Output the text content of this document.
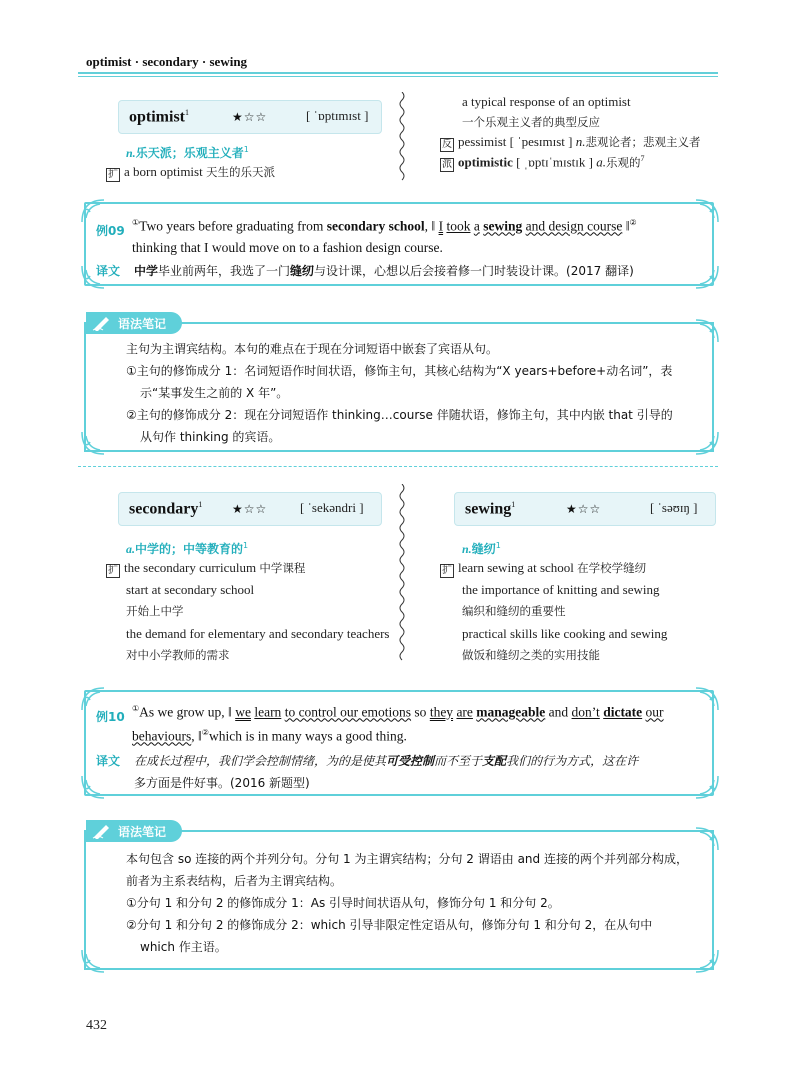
optimist · secondary · sewing
optimist$^1$	★☆☆	[ ˈɒptɪmɪst ]
n.乐天派；乐观主义者$^1$
扩 a born optimist 天生的乐天派
a typical response of an optimist
一个乐观主义者的典型反应
反 pessimist [ ˈpesɪmɪst ] n.悲观论者；悲观主义者
派 optimistic [ ˌɒptɪˈmɪstɪk ] a.乐观的$^7$
例09
①Two years before graduating from secondary school, ‖ I took a sewing and design course ‖②
thinking that I would move on to a fashion design course.
译文 中学毕业前两年，我选了一门缝纫与设计课，心想以后会接着修一门时装设计课。(2017 翻译)
语法笔记
主句为主谓宾结构。本句的难点在于现在分词短语中嵌套了宾语从句。
①主句的修饰成分 1：名词短语作时间状语，修饰主句，其核心结构为“X years+before+动名词”，表
示“某事发生之前的 X 年”。
②主句的修饰成分 2：现在分词短语作 thinking…course 伴随状语，修饰主句，其中内嵌 that 引导的
从句作 thinking 的宾语。
secondary$^1$ ★☆☆	[ ˈsekəndri ]
a.中学的；中等教育的$^1$
扩 the secondary curriculum 中学课程
start at secondary school
开始上中学
the demand for elementary and secondary teachers
对中小学教师的需求
sewing$^1$	★☆☆	[ ˈsəʊɪŋ ]
n.缝纫$^1$
扩 learn sewing at school 在学校学缝纫
the importance of knitting and sewing
编织和缝纫的重要性
practical skills like cooking and sewing
做饭和缝纫之类的实用技能
例10
①As we grow up, ‖ we learn to control our emotions so they are manageable and don’t dictate our
behaviours, ‖②which is in many ways a good thing.
译文 在成长过程中，我们学会控制情绪，为的是使其可受控制而不至于支配我们的行为方式，这在许
多方面是件好事。(2016 新题型)
语法笔记
本句包含 so 连接的两个并列分句。分句 1 为主谓宾结构；分句 2 谓语由 and 连接的两个并列部分构成，
前者为主系表结构，后者为主谓宾结构。
①分句 1 和分句 2 的修饰成分 1：As 引导时间状语从句，修饰分句 1 和分句 2。
②分句 1 和分句 2 的修饰成分 2：which 引导非限定性定语从句，修饰分句 1 和分句 2，在从句中
which 作主语。
432
